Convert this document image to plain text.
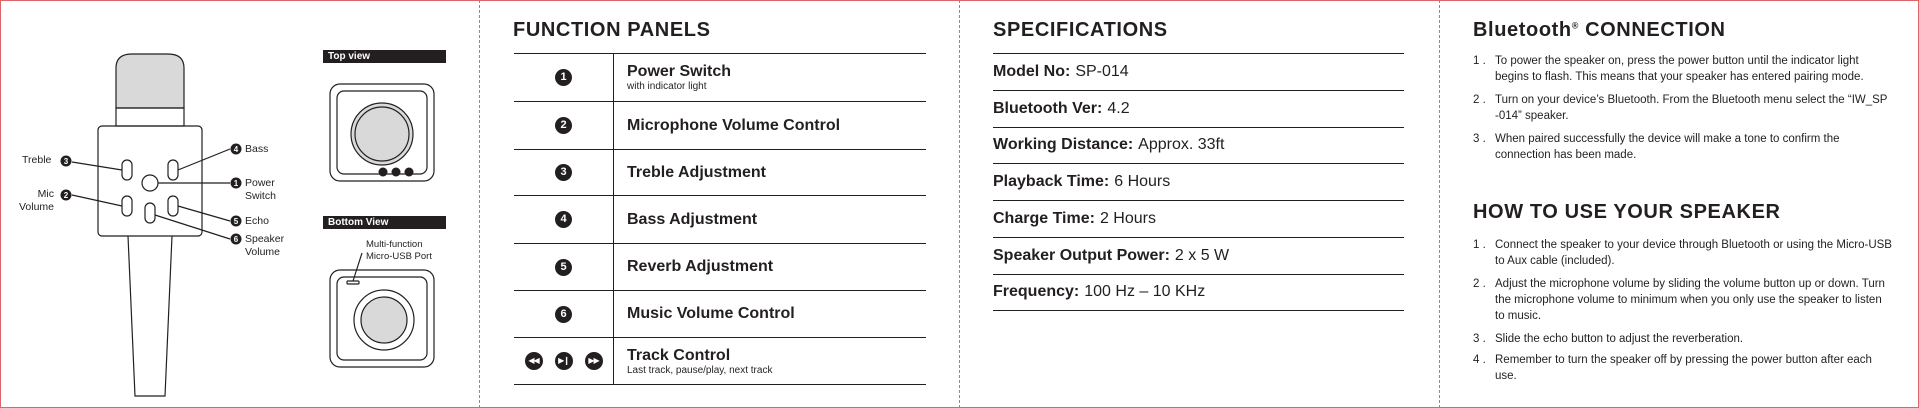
3
2
4
1
5
6
Treble
Mic
Volume
Bass
Power
Switch
Echo
Speaker
Volume
Top view
Bottom View
Multi-function
Micro-USB Port
FUNCTION PANELS
1	Power Switch
with indicator light
2	Microphone Volume Control
3	Treble Adjustment
4	Bass Adjustment
5	Reverb Adjustment
6	Music Volume Control
◀◀	▶❙	▶▶ Track Control
Last track, pause/play, next track
SPECIFICATIONS
Model No: SP-014
Bluetooth Ver: 4.2
Working Distance: Approx. 33ft
Playback Time: 6 Hours
Charge Time: 2 Hours
Speaker Output Power: 2 x 5 W
Frequency: 100 Hz – 10 KHz
Bluetooth® CONNECTION
1 . To power the speaker on, press the power button until the indicator light begins to flash. This means that your speaker has entered pairing mode.
2 . Turn on your device’s Bluetooth. From the Bluetooth menu select the “IW_SP -014” speaker.
3 . When paired successfully the device will make a tone to confirm the connection has been made.
HOW TO USE YOUR SPEAKER
1 . Connect the speaker to your device through Bluetooth or using the Micro-USB to Aux cable (included).
2 . Adjust the microphone volume by sliding the volume button up or down. Turn the microphone volume to minimum when you only use the speaker to listen to music.
3 . Slide the echo button to adjust the reverberation.
4 . Remember to turn the speaker off by pressing the power button after each use.
